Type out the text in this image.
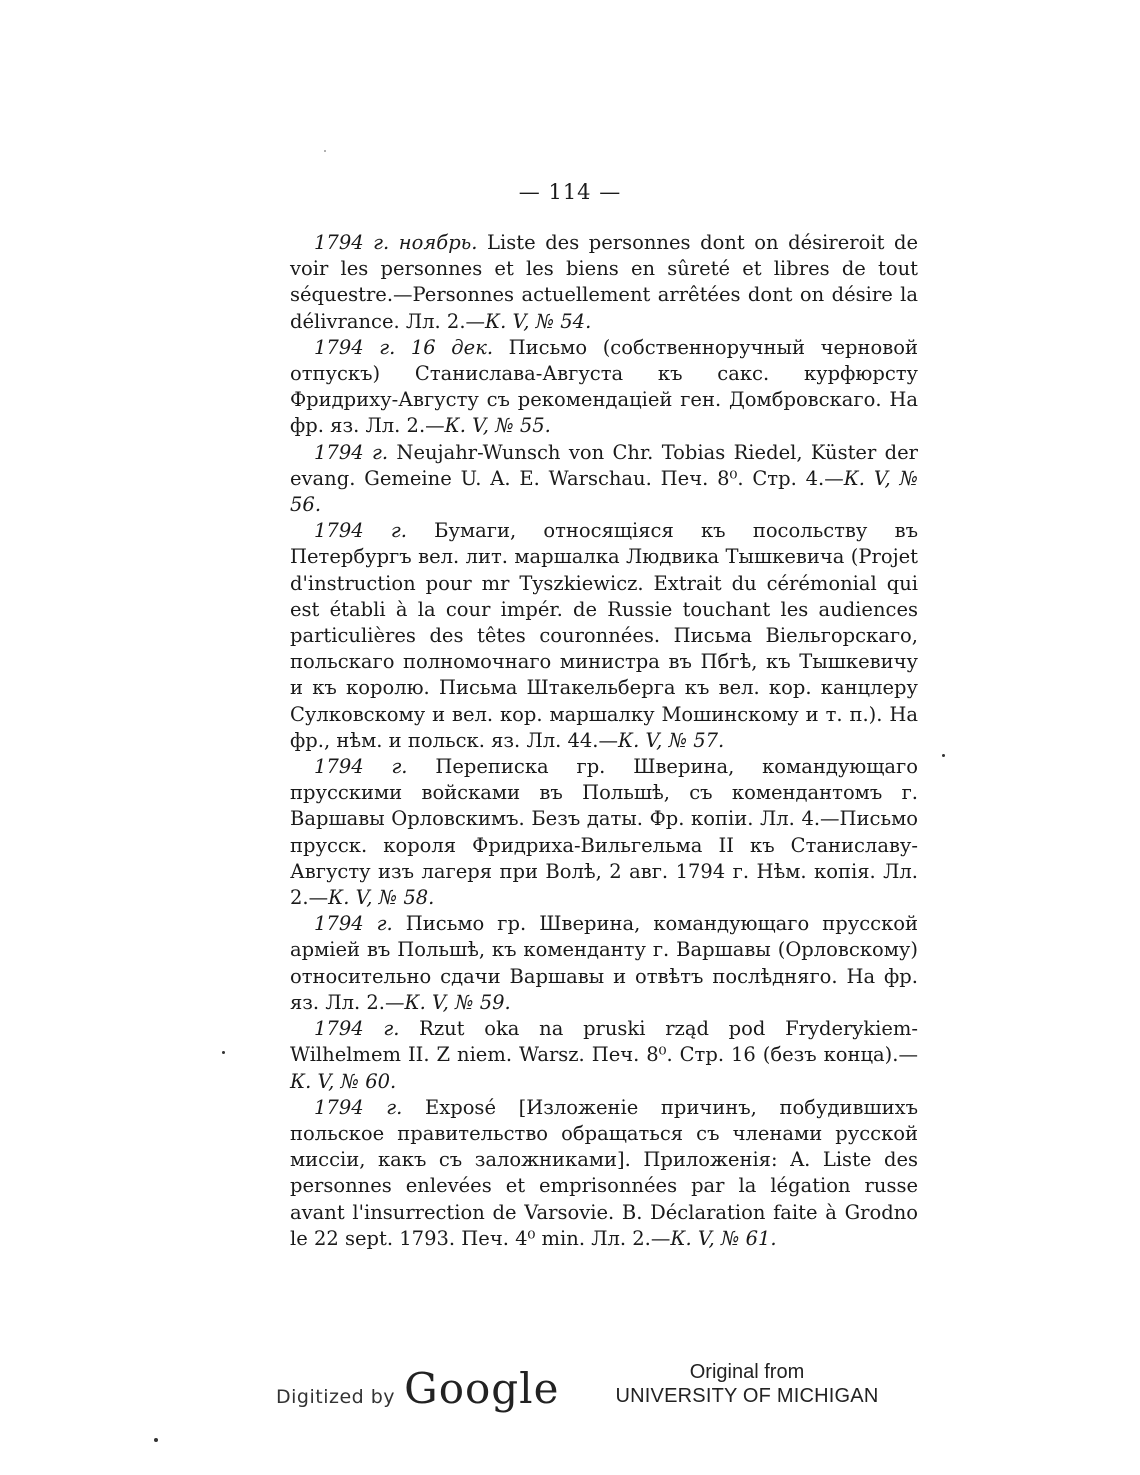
— 114 —

1794 г. ноябрь. Liste des personnes dont on désireroit de voir les personnes et les biens en sûreté et libres de tout séquestre.—Personnes actuellement arrêtées dont on désire la délivrance. Лл. 2.—К. V, № 54.

1794 г. 16 дек. Письмо (собственноручный черновой отпускъ) Станислава-Августа къ сакс. курфюрсту Фридриху-Августу съ рекомендаціей ген. Домбровскаго. На фр. яз. Лл. 2.—К. V, № 55.

1794 г. Neujahr-Wunsch von Chr. Tobias Riedel, Küster der evang. Gemeine U. A. E. Warschau. Печ. 8⁰. Стр. 4.—К. V, № 56.

1794 г. Бумаги, относящіяся къ посольству въ Петербургъ вел. лит. маршалка Людвика Тышкевича (Projet d'instruction pour mr Tyszkiewicz. Extrait du cérémonial qui est établi à la cour impér. de Russie touchant les audiences particulières des têtes couronnées. Письма Віельгорскаго, польскаго полномочнаго министра въ Пбгѣ, къ Тышкевичу и къ королю. Письма Штакельберга къ вел. кор. канцлеру Сулковскому и вел. кор. маршалку Мошинскому и т. п.). На фр., нѣм. и польск. яз. Лл. 44.—К. V, № 57.

1794 г. Переписка гр. Шверина, командующаго прусскими войсками въ Польшѣ, съ комендантомъ г. Варшавы Орловскимъ. Безъ даты. Фр. копіи. Лл. 4.—Письмо прусск. короля Фридриха-Вильгельма II къ Станиславу-Августу изъ лагеря при Волѣ, 2 авг. 1794 г. Нѣм. копія. Лл. 2.—К. V, № 58.

1794 г. Письмо гр. Шверина, командующаго прусской арміей въ Польшѣ, къ коменданту г. Варшавы (Орловскому) относительно сдачи Варшавы и отвѣтъ послѣдняго. На фр. яз. Лл. 2.—К. V, № 59.

1794 г. Rzut oka na pruski rząd pod Fryderykiem-Wilhelmem II. Z niem. Warsz. Печ. 8⁰. Стр. 16 (безъ конца).—К. V, № 60.

1794 г. Exposé [Изложеніе причинъ, побудившихъ польское правительство обращаться съ членами русской миссіи, какъ съ заложниками]. Приложенія: A. Liste des personnes enlevées et emprisonnées par la légation russe avant l'insurrection de Varsovie. B. Déclaration faite à Grodno le 22 sept. 1793. Печ. 4⁰ min. Лл. 2.—К. V, № 61.

Digitized by Google	Original from
UNIVERSITY OF MICHIGAN
